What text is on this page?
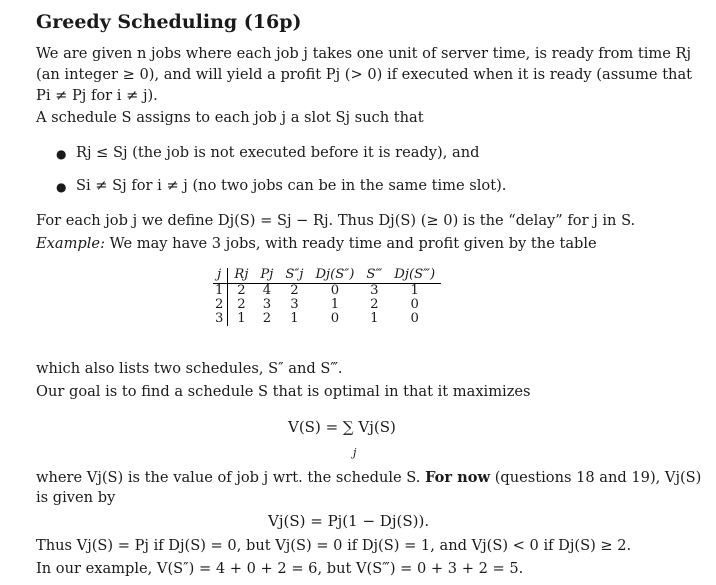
Greedy Scheduling (16p)
We are given n jobs where each job j takes one unit of server time, is ready from time Rj
(an integer ≥ 0), and will yield a profit Pj (> 0) if executed when it is ready (assume that
Pi ≠ Pj for i ≠ j).
A schedule S assigns to each job j a slot Sj such that
● Rj ≤ Sj (the job is not executed before it is ready), and
● Si ≠ Sj for i ≠ j (no two jobs can be in the same time slot).
For each job j we define Dj(S) = Sj − Rj. Thus Dj(S) (≥ 0) is the “delay” for j in S.
Example: We may have 3 jobs, with ready time and profit given by the table
j	Rj	Pj	S″j	Dj(S″)	S‴	Dj(S‴)
1	2	4	2	0	3	1
2	2	3	3	1	2	0
3	1	2	1	0	1	0
which also lists two schedules, S″ and S‴.
Our goal is to find a schedule S that is optimal in that it maximizes
V(S) = ∑ Vj(S)
j
where Vj(S) is the value of job j wrt. the schedule S. For now (questions 18 and 19), Vj(S)
is given by
Vj(S) = Pj(1 − Dj(S)).
Thus Vj(S) = Pj if Dj(S) = 0, but Vj(S) = 0 if Dj(S) = 1, and Vj(S) < 0 if Dj(S) ≥ 2.
In our example, V(S″) = 4 + 0 + 2 = 6, but V(S‴) = 0 + 3 + 2 = 5.
